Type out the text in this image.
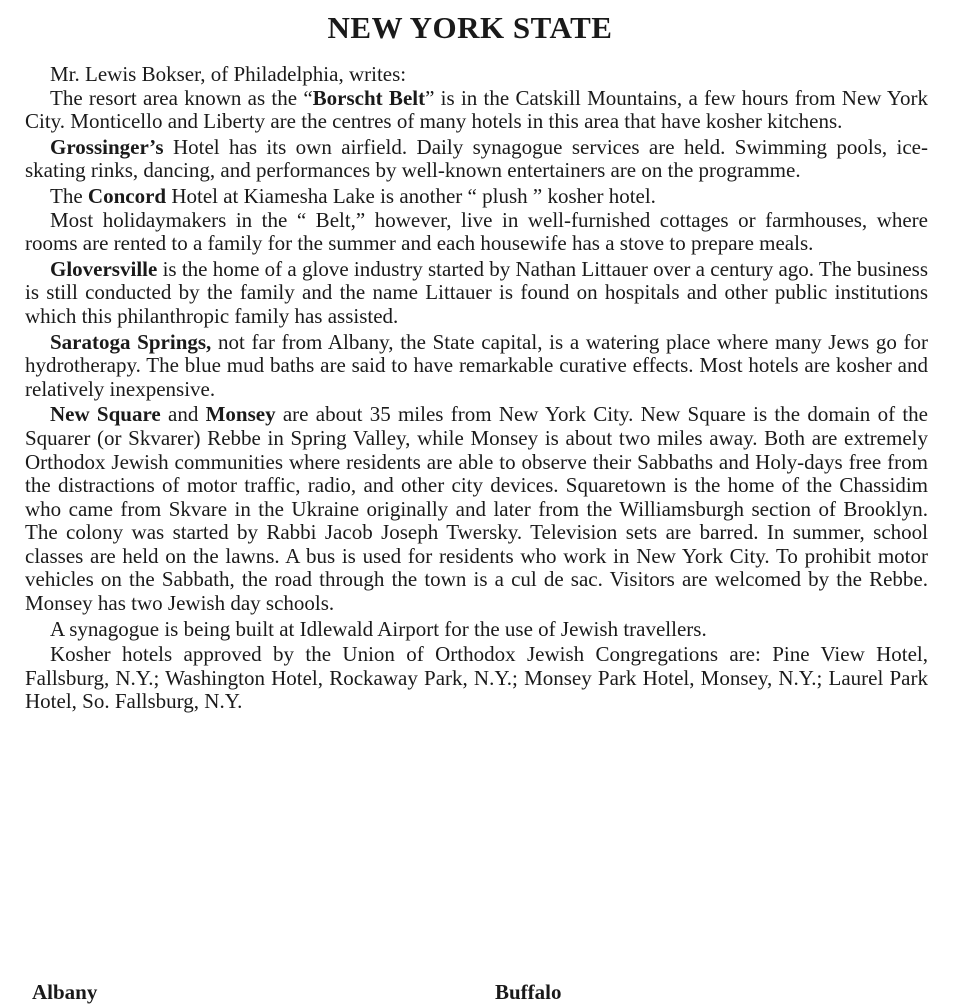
NEW YORK STATE

Mr. Lewis Bokser, of Philadelphia, writes:

The resort area known as the “Borscht Belt” is in the Catskill Mountains, a few hours from New York City. Monticello and Liberty are the centres of many hotels in this area that have kosher kitchens.

Grossinger’s Hotel has its own airfield. Daily synagogue services are held. Swimming pools, ice-skating rinks, dancing, and performances by well-known entertainers are on the programme.

The Concord Hotel at Kiamesha Lake is another “ plush ” kosher hotel.

Most holidaymakers in the “ Belt,” however, live in well-furnished cottages or farmhouses, where rooms are rented to a family for the summer and each housewife has a stove to prepare meals.

Gloversville is the home of a glove industry started by Nathan Littauer over a century ago. The business is still conducted by the family and the name Littauer is found on hospitals and other public institutions which this philanthropic family has assisted.

Saratoga Springs, not far from Albany, the State capital, is a watering place where many Jews go for hydrotherapy. The blue mud baths are said to have remarkable curative effects. Most hotels are kosher and relatively inexpensive.

New Square and Monsey are about 35 miles from New York City. New Square is the domain of the Squarer (or Skvarer) Rebbe in Spring Valley, while Monsey is about two miles away. Both are extremely Orthodox Jewish communities where residents are able to observe their Sabbaths and Holy-days free from the distractions of motor traffic, radio, and other city devices. Squaretown is the home of the Chassidim who came from Skvare in the Ukraine originally and later from the Williamsburgh section of Brooklyn. The colony was started by Rabbi Jacob Joseph Twersky. Television sets are barred. In summer, school classes are held on the lawns. A bus is used for residents who work in New York City. To prohibit motor vehicles on the Sabbath, the road through the town is a cul de sac. Visitors are welcomed by the Rebbe. Monsey has two Jewish day schools.

A synagogue is being built at Idlewald Airport for the use of Jewish travellers.

Kosher hotels approved by the Union of Orthodox Jewish Congregations are: Pine View Hotel, Fallsburg, N.Y.; Washington Hotel, Rockaway Park, N.Y.; Monsey Park Hotel, Monsey, N.Y.; Laurel Park Hotel, So. Fallsburg, N.Y.

Albany	Buffalo
